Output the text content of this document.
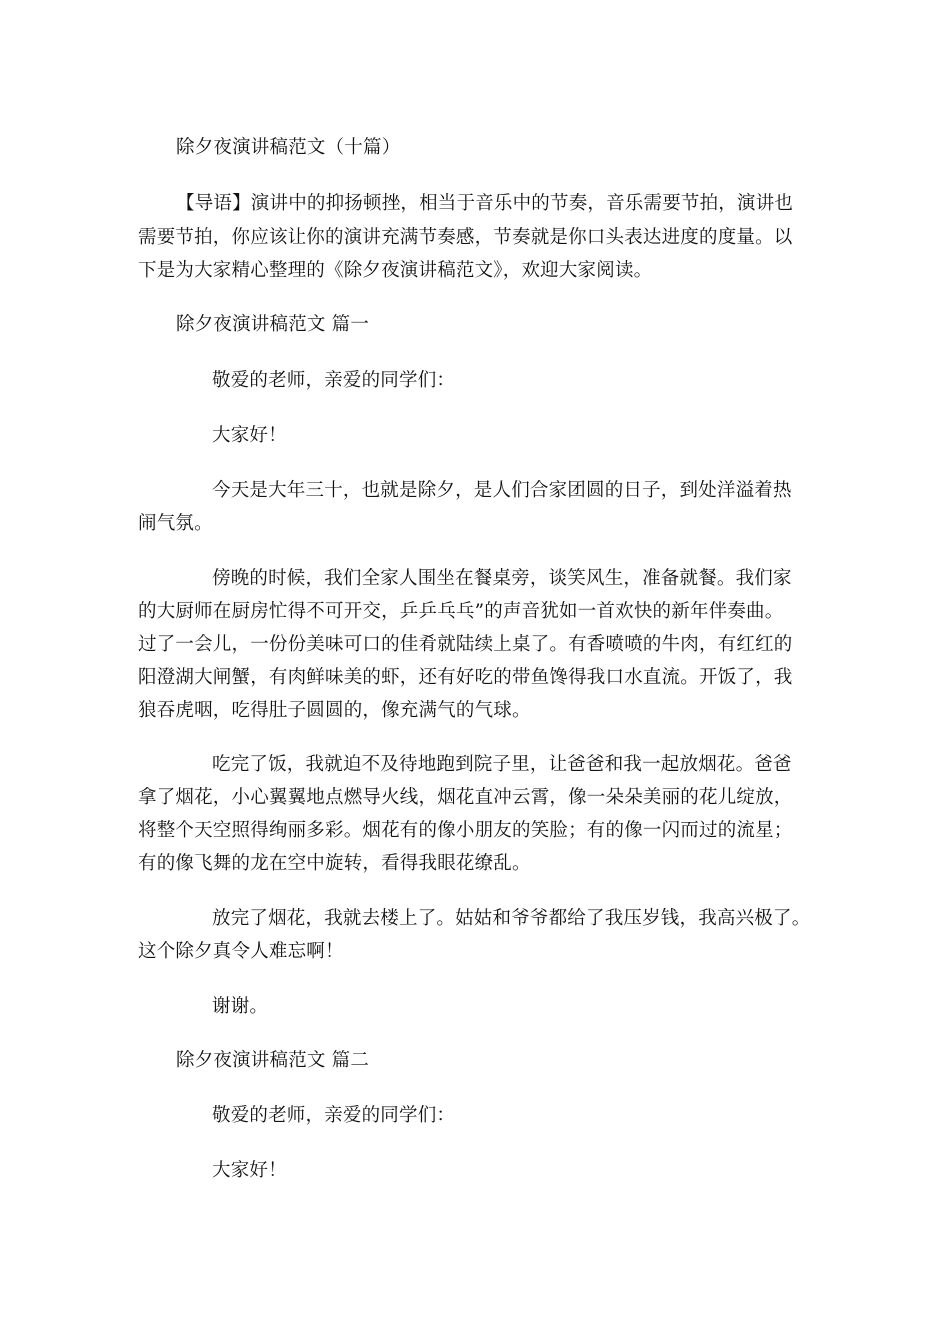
除夕夜演讲稿范文（十篇）
【导语】演讲中的抑扬顿挫，相当于音乐中的节奏，音乐需要节拍，演讲也
需要节拍，你应该让你的演讲充满节奏感，节奏就是你口头表达进度的度量。以
下是为大家精心整理的《除夕夜演讲稿范文》，欢迎大家阅读。
除夕夜演讲稿范文 篇一
敬爱的老师，亲爱的同学们：
大家好！
今天是大年三十，也就是除夕，是人们合家团圆的日子，到处洋溢着热
闹气氛。
傍晚的时候，我们全家人围坐在餐桌旁，谈笑风生，准备就餐。我们家
的大厨师在厨房忙得不可开交，乒乒乓乓”的声音犹如一首欢快的新年伴奏曲。
过了一会儿，一份份美味可口的佳肴就陆续上桌了。有香喷喷的牛肉，有红红的
阳澄湖大闸蟹，有肉鲜味美的虾，还有好吃的带鱼馋得我口水直流。开饭了，我
狼吞虎咽，吃得肚子圆圆的，像充满气的气球。
吃完了饭，我就迫不及待地跑到院子里，让爸爸和我一起放烟花。爸爸
拿了烟花，小心翼翼地点燃导火线，烟花直冲云霄，像一朵朵美丽的花儿绽放，
将整个天空照得绚丽多彩。烟花有的像小朋友的笑脸；有的像一闪而过的流星；
有的像飞舞的龙在空中旋转，看得我眼花缭乱。
放完了烟花，我就去楼上了。姑姑和爷爷都给了我压岁钱，我高兴极了。
这个除夕真令人难忘啊！
谢谢。
除夕夜演讲稿范文 篇二
敬爱的老师，亲爱的同学们：
大家好！
